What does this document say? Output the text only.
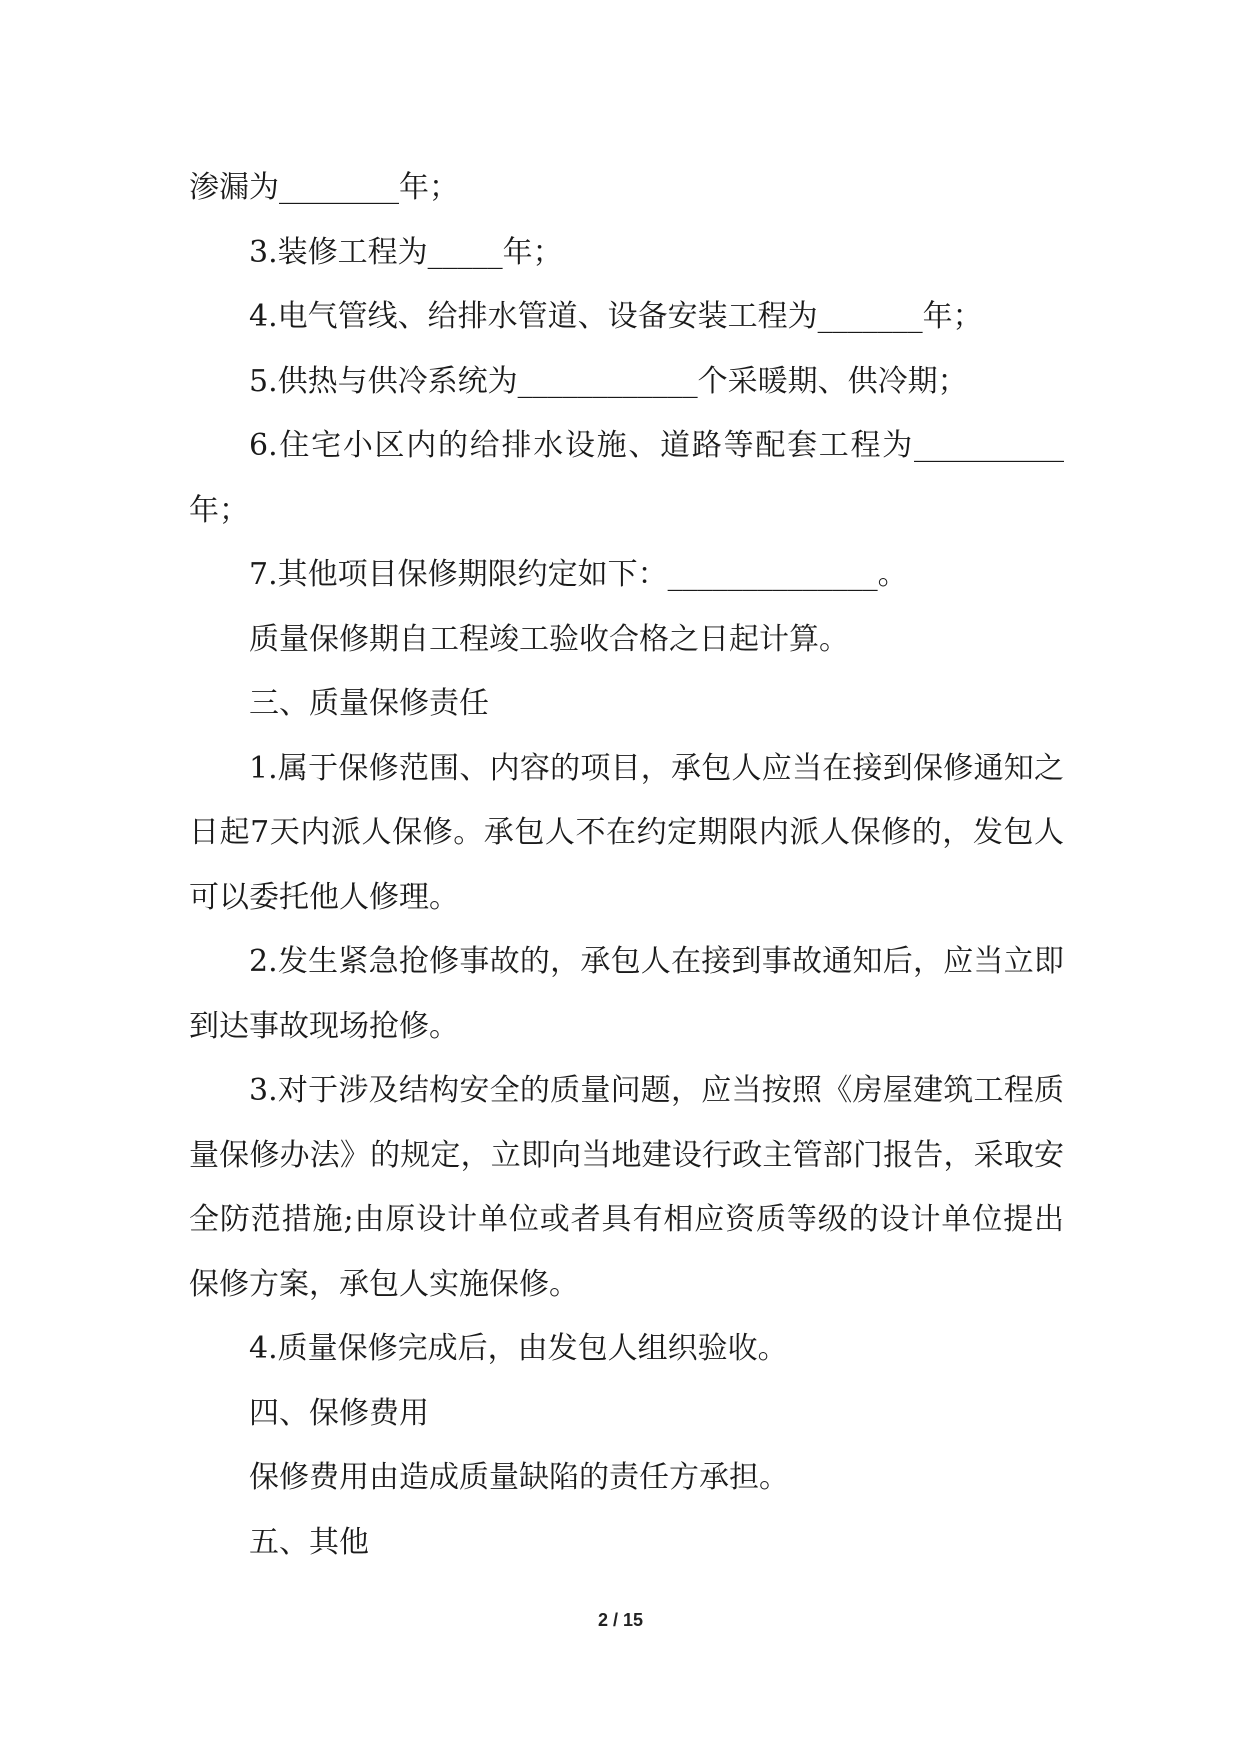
渗漏为________年；

3.装修工程为_____年；

4.电气管线、给排水管道、设备安装工程为_______年；

5.供热与供冷系统为____________个采暖期、供冷期；

6.住宅小区内的给排水设施、道路等配套工程为__________年；

7.其他项目保修期限约定如下：______________。

质量保修期自工程竣工验收合格之日起计算。

三、质量保修责任

1.属于保修范围、内容的项目，承包人应当在接到保修通知之日起7天内派人保修。承包人不在约定期限内派人保修的，发包人可以委托他人修理。

2.发生紧急抢修事故的，承包人在接到事故通知后，应当立即到达事故现场抢修。

3.对于涉及结构安全的质量问题，应当按照《房屋建筑工程质量保修办法》的规定，立即向当地建设行政主管部门报告，采取安全防范措施;由原设计单位或者具有相应资质等级的设计单位提出保修方案，承包人实施保修。

4.质量保修完成后，由发包人组织验收。

四、保修费用

保修费用由造成质量缺陷的责任方承担。

五、其他

2 / 15
